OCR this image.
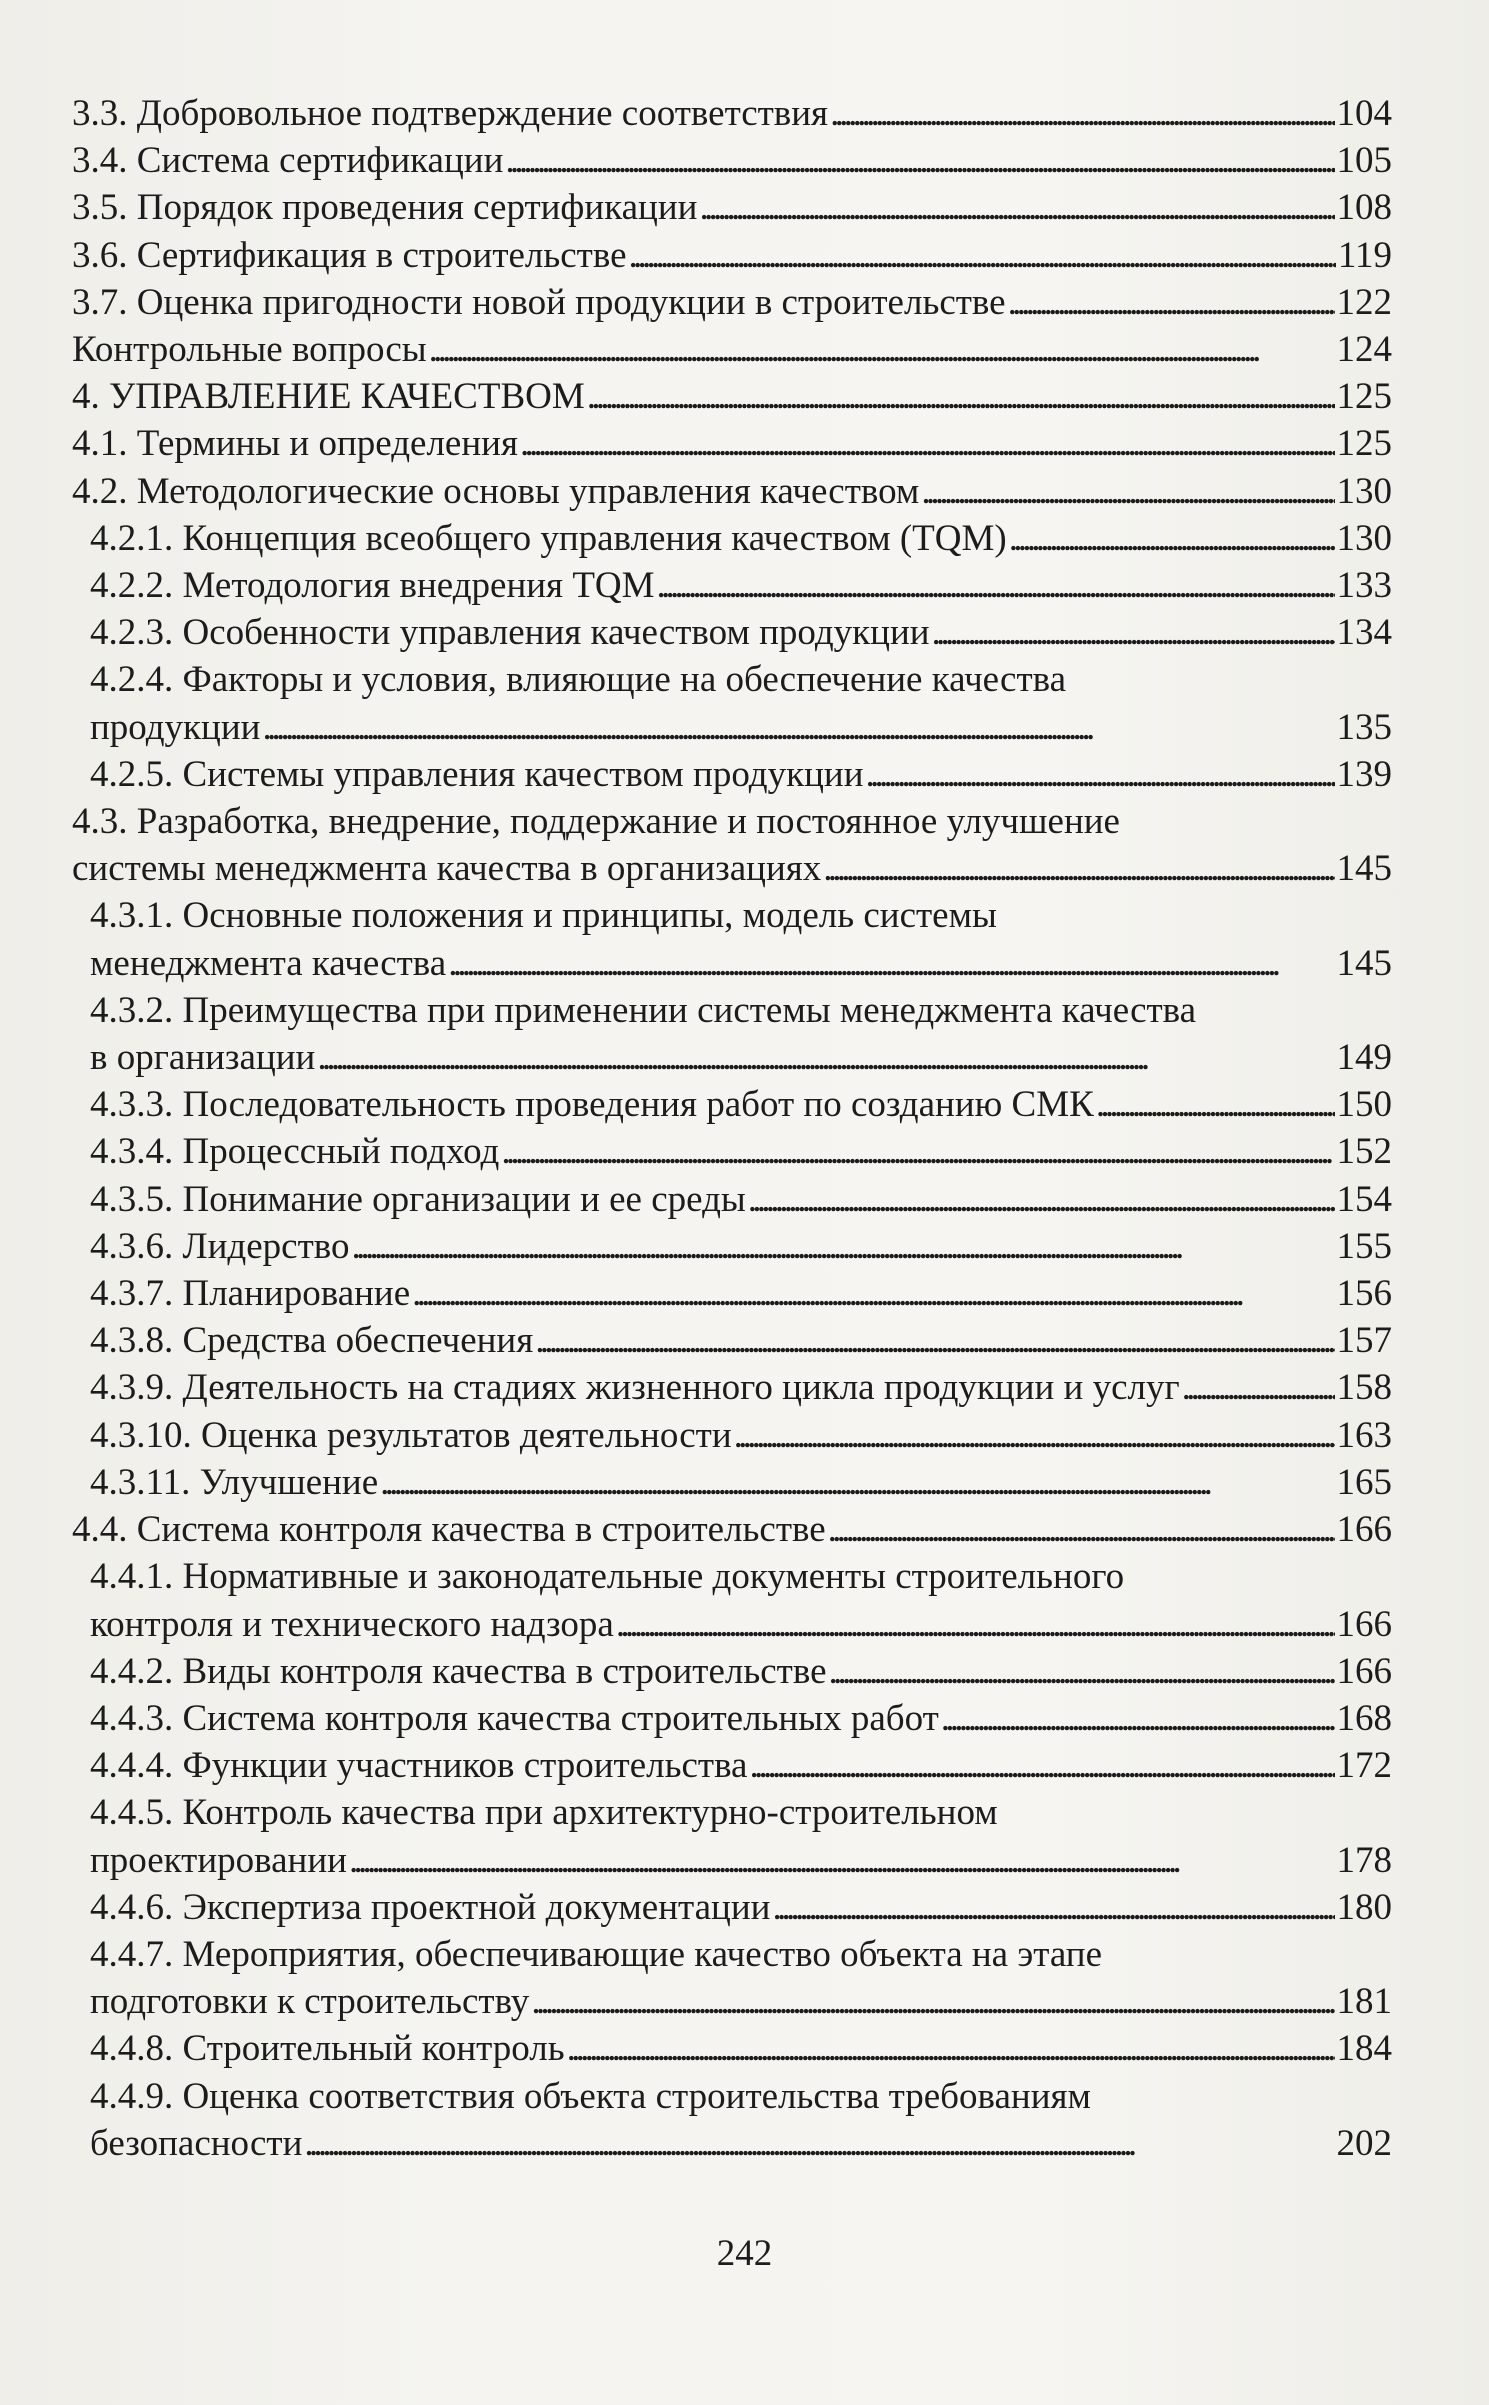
3.3. Добровольное подтверждение соответствия . . .	104
3.4. Система сертификации . . .	105
3.5. Порядок проведения сертификации . . .	108
3.6. Сертификация в строительстве . . .	119
3.7. Оценка пригодности новой продукции в строительстве . . .	122
Контрольные вопросы . . .	124
4. УПРАВЛЕНИЕ КАЧЕСТВОМ . . .	125
4.1. Термины и определения . . .	125
4.2. Методологические основы управления качеством . . .	130
4.2.1. Концепция всеобщего управления качеством (TQM) . . .	130
4.2.2. Методология внедрения TQM . . .	133
4.2.3. Особенности управления качеством продукции . . .	134
4.2.4. Факторы и условия, влияющие на обеспечение качества
продукции . . .	135
4.2.5. Системы управления качеством продукции . . .	139
4.3. Разработка, внедрение, поддержание и постоянное улучшение
системы менеджмента качества в организациях . . .	145
4.3.1. Основные положения и принципы, модель системы
менеджмента качества . . .	145
4.3.2. Преимущества при применении системы менеджмента качества
в организации . . .	149
4.3.3. Последовательность проведения работ по созданию СМК . . .	150
4.3.4. Процессный подход . . .	152
4.3.5. Понимание организации и ее среды . . .	154
4.3.6. Лидерство . . .	155
4.3.7. Планирование . . .	156
4.3.8. Средства обеспечения . . .	157
4.3.9. Деятельность на стадиях жизненного цикла продукции и услуг . . .	158
4.3.10. Оценка результатов деятельности . . .	163
4.3.11. Улучшение . . .	165
4.4. Система контроля качества в строительстве . . .	166
4.4.1. Нормативные и законодательные документы строительного
контроля и технического надзора . . .	166
4.4.2. Виды контроля качества в строительстве . . .	166
4.4.3. Система контроля качества строительных работ . . .	168
4.4.4. Функции участников строительства . . .	172
4.4.5. Контроль качества при архитектурно-строительном
проектировании . . .	178
4.4.6. Экспертиза проектной документации . . .	180
4.4.7. Мероприятия, обеспечивающие качество объекта на этапе
подготовки к строительству . . .	181
4.4.8. Строительный контроль . . .	184
4.4.9. Оценка соответствия объекта строительства требованиям
безопасности . . .	202
242
